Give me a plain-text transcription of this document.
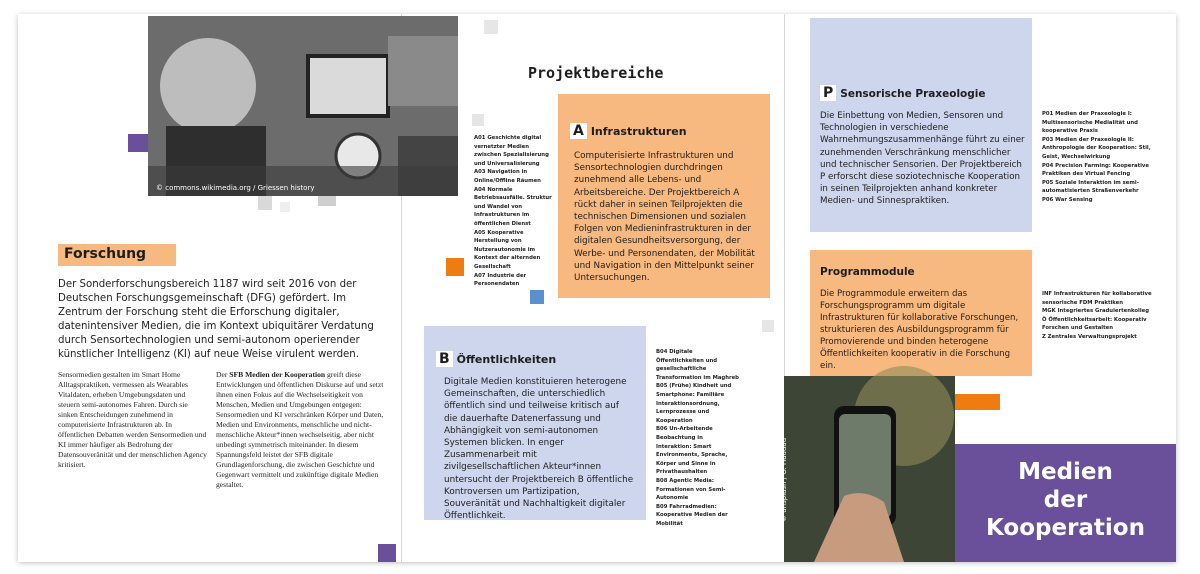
© commons.wikimedia.org / Griessen history
Forschung
Der Sonderforschungsbereich 1187 wird seit 2016 von der Deutschen Forschungsgemeinschaft (DFG) gefördert. Im Zentrum der Forschung steht die Erforschung digitaler, datenintensiver Medien, die im Kontext ubiquitärer Verdatung durch Sensortechnologien und semi-autonom operierender künstlicher Intelligenz (KI) auf neue Weise virulent werden.
Sensormedien gestalten im Smart Home Alltagspraktiken, vermessen als Wearables Vitaldaten, erheben Umgebungsdaten und steuern semi-autonomes Fahren. Durch sie sinken Entscheidungen zunehmend in computerisierte Infrastrukturen ab. In öffentlichen Debatten werden Sensormedien und KI immer häufiger als Bedrohung der Datensouveränität und der menschlichen Agency kritisiert.
Der SFB Medien der Kooperation greift diese Entwicklungen und öffentlichen Diskurse auf und setzt ihnen einen Fokus auf die Wechselseitigkeit von Menschen, Medien und Umgebungen entgegen: Sensormedien und KI verschränken Körper und Daten, Medien und Environments, menschliche und nicht-menschliche Akteur*innen wechselseitig, aber nicht unbedingt symmetrisch miteinander. In diesem Spannungsfeld leistet der SFB digitale Grundlagenforschung, die zwischen Geschichte und Gegenwart vermittelt und zukünftige digitale Medien gestaltet.
Projektbereiche
A01 Geschichte digital vernetzter Medien zwischen Spezialisierung und Universalisierung
A03 Navigation in Online/Offline Räumen
A04 Normale Betriebsausfälle. Struktur und Wandel von Infrastrukturen im öffentlichen Dienst
A05 Kooperative Herstellung von Nutzerautonomie im Kontext der alternden Gesellschaft
A07 Industrie der Personendaten
A Infrastrukturen
Computerisierte Infrastrukturen und Sensortechnologien durchdringen zunehmend alle Lebens- und Arbeitsbereiche. Der Projektbereich A rückt daher in seinen Teilprojekten die technischen Dimensionen und sozialen Folgen von Medieninfrastrukturen in der digitalen Gesundheitsversorgung, der Werbe- und Personendaten, der Mobilität und Navigation in den Mittelpunkt seiner Untersuchungen.
B Öffentlichkeiten
Digitale Medien konstituieren heterogene Gemeinschaften, die unterschiedlich öffentlich sind und teilweise kritisch auf die dauerhafte Datenerfassung und Abhängigkeit von semi-autonomen Systemen blicken. In enger Zusammenarbeit mit zivilgesellschaftlichen Akteur*innen untersucht der Projektbereich B öffentliche Kontroversen um Partizipation, Souveränität und Nachhaltigkeit digitaler Öffentlichkeit.
B04 Digitale Öffentlichkeiten und gesellschaftliche Transformation im Maghreb
B05 (Frühe) Kindheit und Smartphone: Familiäre Interaktionsordnung, Lernprozesse und Kooperation
B06 Un-Arbeitende Beobachtung in Interaktion: Smart Environments, Sprache, Körper und Sinne in Privathaushalten
B08 Agentic Media: Formationen von Semi-Autonomie
B09 Fahrradmedien: Kooperative Medien der Mobilität
P Sensorische Praxeologie
Die Einbettung von Medien, Sensoren und Technologien in verschiedene Wahrnehmungszusammenhänge führt zu einer zunehmenden Verschränkung menschlicher und technischer Sensorien. Der Projektbereich P erforscht diese soziotechnische Kooperation in seinen Teilprojekten anhand konkreter Medien- und Sinnespraktiken.
P01 Medien der Praxeologie I: Multisensorische Medialität und kooperative Praxis
P03 Medien der Praxeologie II: Anthropologie der Kooperation: Stil, Geist, Wechselwirkung
P04 Precision Farming: Kooperative Praktiken des Virtual Fencing
P05 Soziale Interaktion im semi-automatisierten Straßenverkehr
P06 War Sensing
Programmodule
Die Programmodule erweitern das Forschungsprogramm um digitale Infrastrukturen für kollaborative Forschungen, strukturieren des Ausbildungsprogramm für Promovierende und binden heterogene Öffentlichkeiten kooperativ in die Forschung ein.
INF Infrastrukturen für kollaborative sensorische FDM Praktiken
MGK Integriertes Graduiertenkolleg
Ö Öffentlichkeitsarbeit: Kooperativ Forschen und Gestalten
Z Zentrales Verwaltungsprojekt
© unsplash / O. Haddad	Medien
der
Kooperation
